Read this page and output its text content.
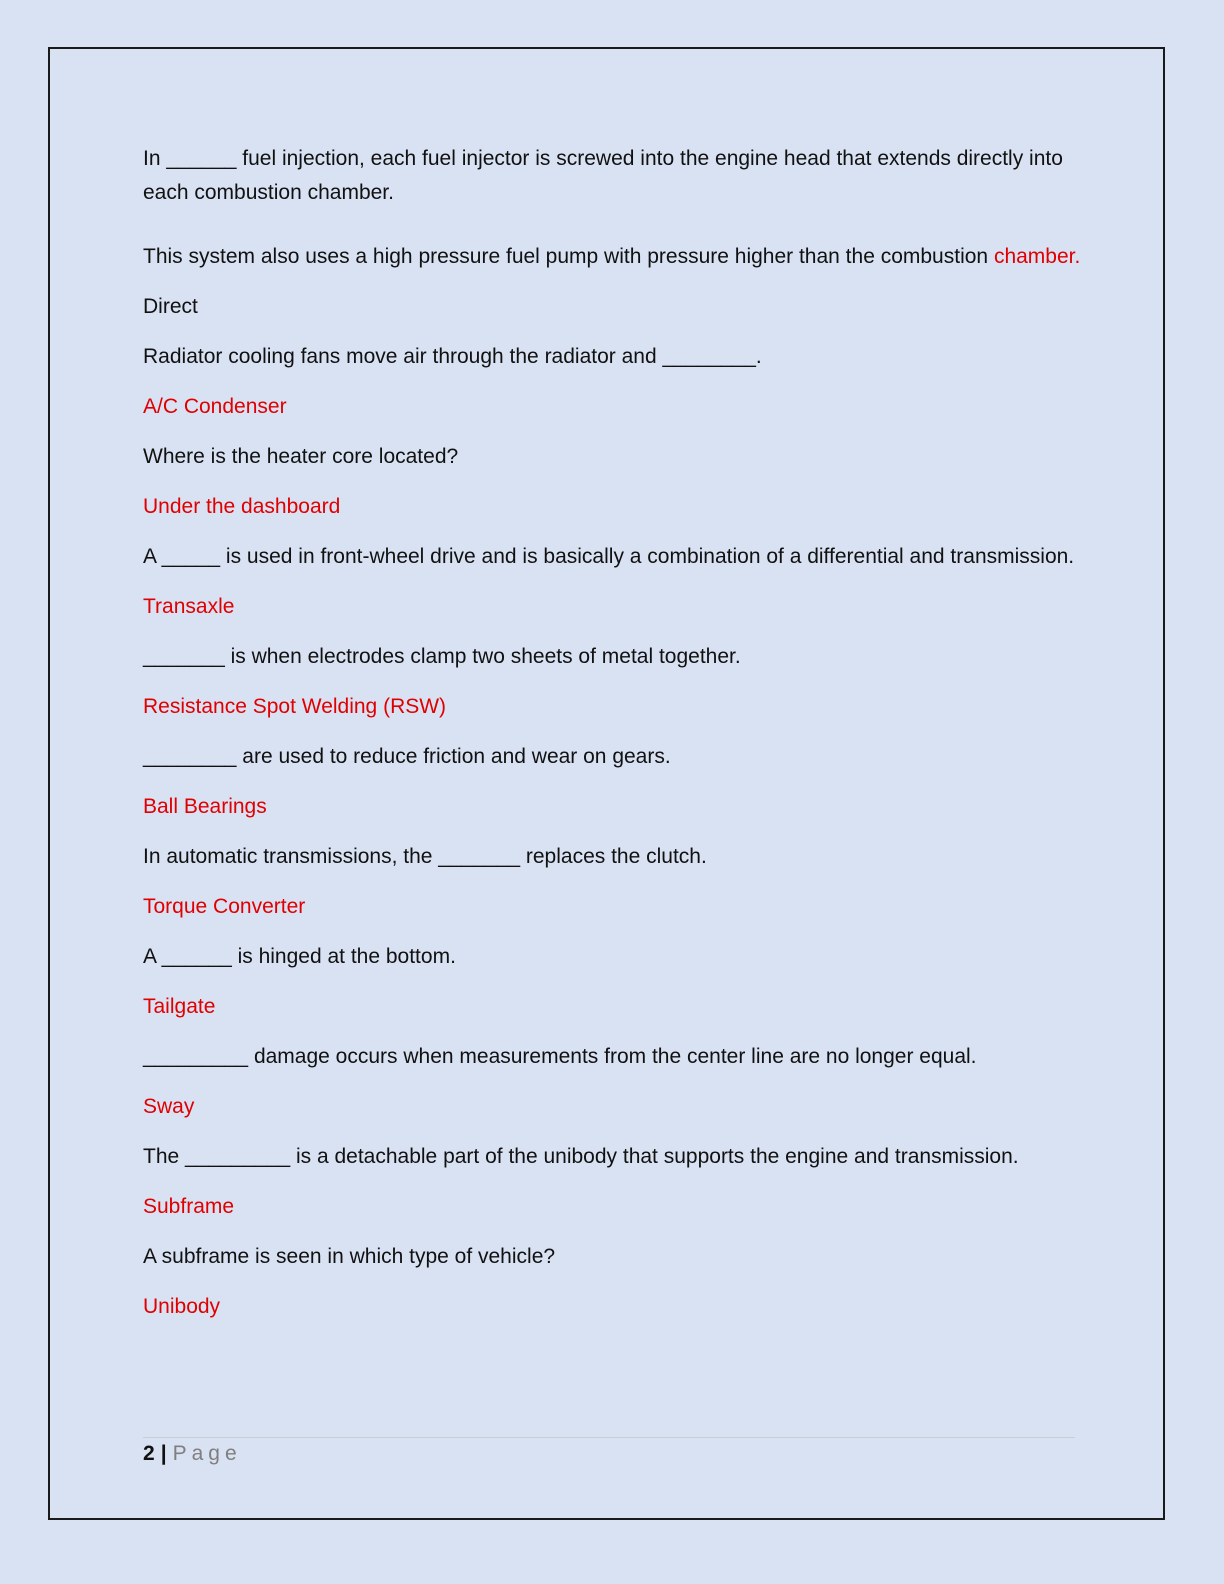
In ______ fuel injection, each fuel injector is screwed into the engine head that extends directly into each combustion chamber.

This system also uses a high pressure fuel pump with pressure higher than the combustion chamber.

Direct

Radiator cooling fans move air through the radiator and ________.

A/C Condenser

Where is the heater core located?

Under the dashboard

A _____ is used in front-wheel drive and is basically a combination of a differential and transmission.

Transaxle

_______ is when electrodes clamp two sheets of metal together.

Resistance Spot Welding (RSW)

________ are used to reduce friction and wear on gears.

Ball Bearings

In automatic transmissions, the _______ replaces the clutch.

Torque Converter

A ______ is hinged at the bottom.

Tailgate

_________ damage occurs when measurements from the center line are no longer equal.

Sway

The _________ is a detachable part of the unibody that supports the engine and transmission.

Subframe

A subframe is seen in which type of vehicle?

Unibody

2 | Page
